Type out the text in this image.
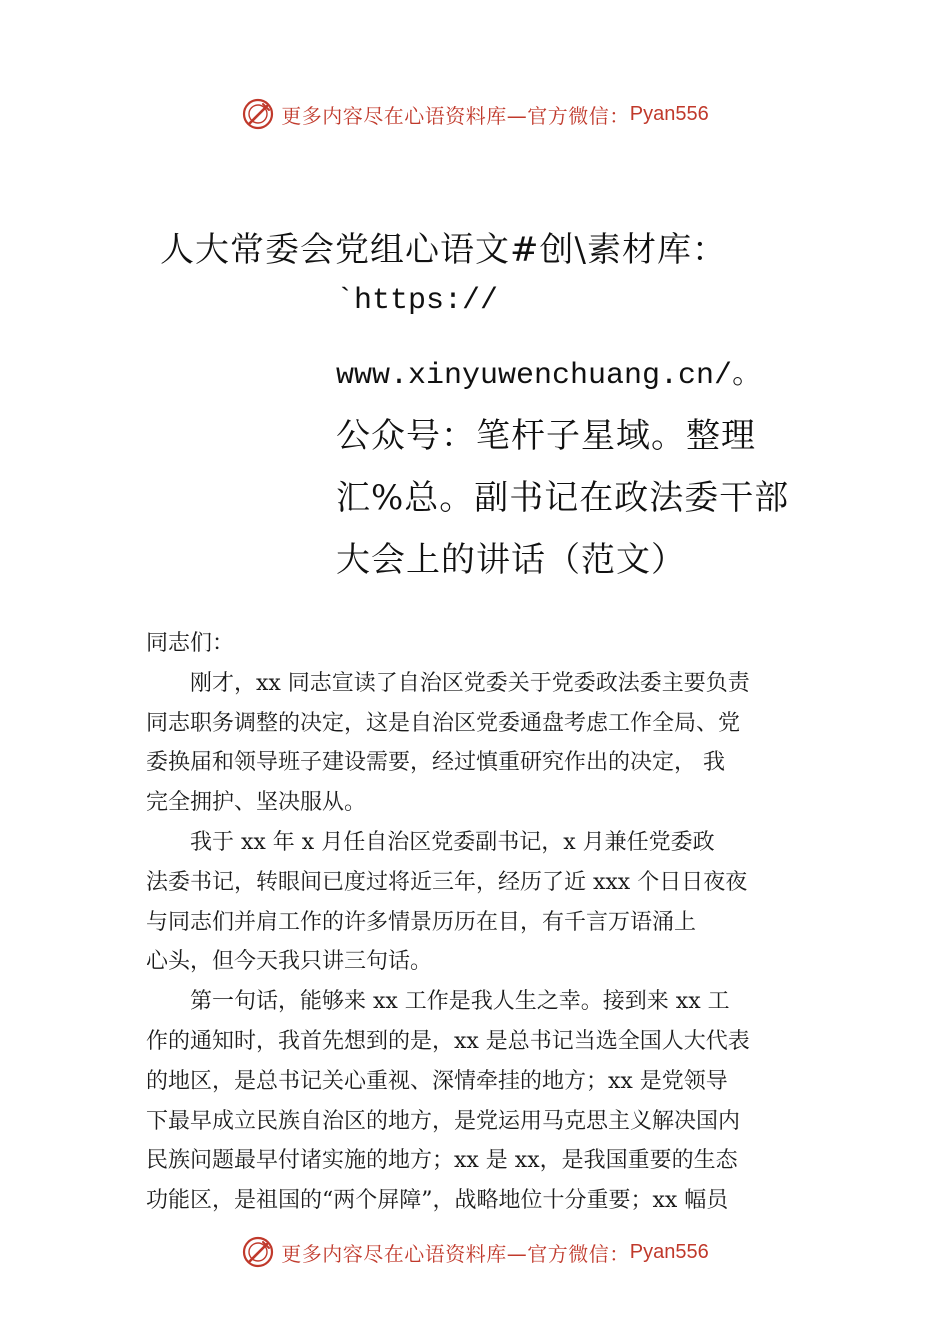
更多内容尽在心语资料库—官方微信： Pyan556
人大常委会党组心语文#创\素材库：
`https://
www.xinyuwenchuang.cn/。
公众号：笔杆子星域。整理
汇%总。副书记在政法委干部
大会上的讲话（范文）

同志们：

　　刚才，xx 同志宣读了自治区党委关于党委政法委主要负责
同志职务调整的决定，这是自治区党委通盘考虑工作全局、党
委换届和领导班子建设需要，经过慎重研究作出的决定， 我
完全拥护、坚决服从。

　　我于 xx 年 x 月任自治区党委副书记，x 月兼任党委政
法委书记，转眼间已度过将近三年，经历了近 xxx 个日日夜夜
与同志们并肩工作的许多情景历历在目，有千言万语涌上
心头，但今天我只讲三句话。

　　第一句话，能够来 xx 工作是我人生之幸。接到来 xx 工
作的通知时，我首先想到的是，xx 是总书记当选全国人大代表
的地区，是总书记关心重视、深情牵挂的地方；xx 是党领导
下最早成立民族自治区的地方，是党运用马克思主义解决国内
民族问题最早付诸实施的地方；xx 是 xx，是我国重要的生态
功能区，是祖国的“两个屏障”，战略地位十分重要；xx 幅员

更多内容尽在心语资料库—官方微信： Pyan556
